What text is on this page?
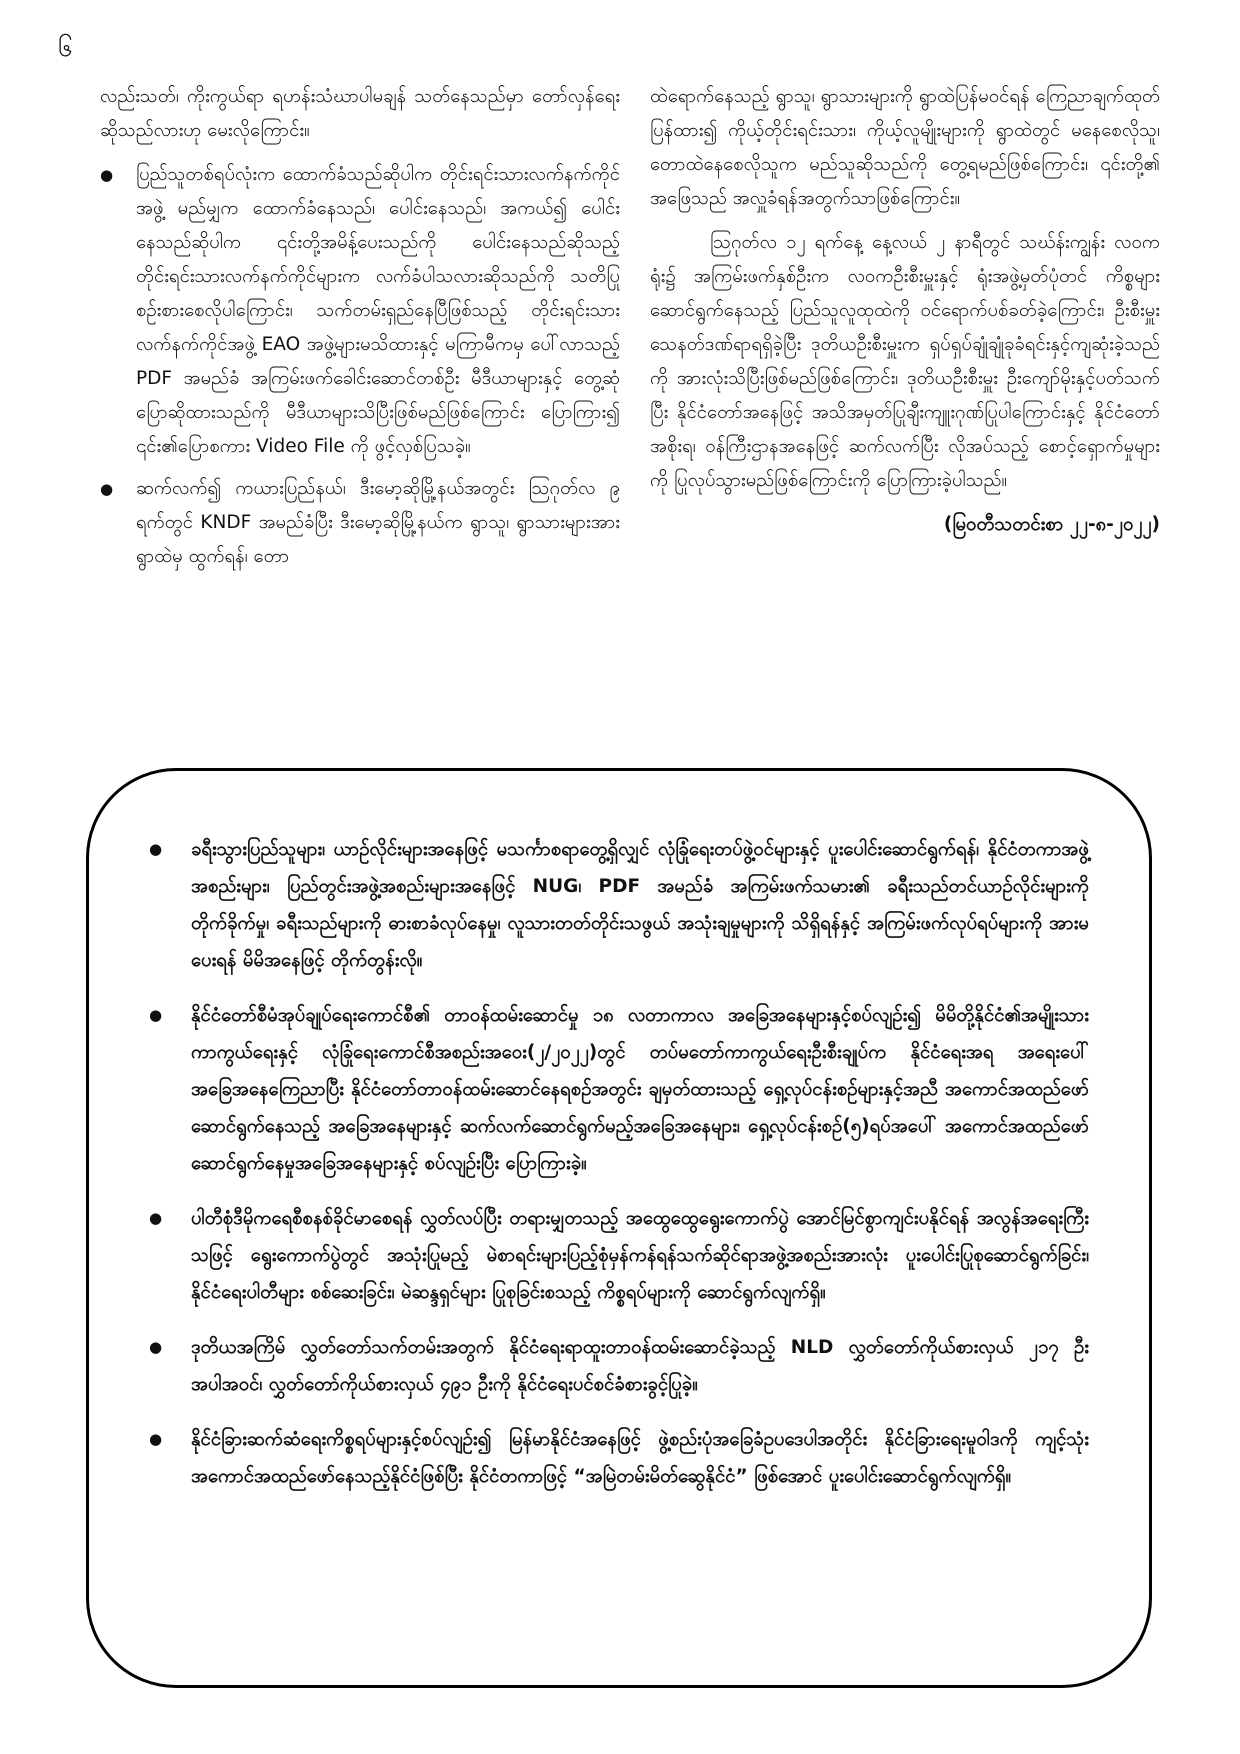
၆

လည်းသတ်၊ ကိုးကွယ်ရာ ရဟန်းသံဃာပါမချန် သတ်နေသည်မှာ တော်လှန်ရေးဆိုသည်လားဟု မေးလိုကြောင်း။

● ပြည်သူတစ်ရပ်လုံးက ထောက်ခံသည်ဆိုပါက တိုင်းရင်းသားလက်နက်ကိုင်အဖွဲ့ မည်မျှက ထောက်ခံနေသည်၊ ပေါင်းနေသည်၊ အကယ်၍ ပေါင်းနေသည်ဆိုပါက ၎င်းတို့အမိန့်ပေးသည်ကို ပေါင်းနေသည်ဆိုသည့် တိုင်းရင်းသားလက်နက်ကိုင်များက လက်ခံပါသလားဆိုသည်ကို သတိပြုစဉ်းစားစေလိုပါကြောင်း၊ သက်တမ်းရှည်နေပြီဖြစ်သည့် တိုင်းရင်းသားလက်နက်ကိုင်အဖွဲ့ EAO အဖွဲ့များမသိထားနှင့် မကြာမီကမှ ပေါ်လာသည့် PDF အမည်ခံ အကြမ်းဖက်ခေါင်းဆောင်တစ်ဦး မီဒီယာများနှင့် တွေ့ဆုံပြောဆိုထားသည်ကို မီဒီယာများသိပြီးဖြစ်မည်ဖြစ်ကြောင်း ပြောကြား၍ ၎င်း၏ပြောစကား Video File ကို ဖွင့်လှစ်ပြသခဲ့။
● ဆက်လက်၍ ကယားပြည်နယ်၊ ဒီးမော့ဆိုမြို့နယ်အတွင်း ဩဂုတ်လ ၉ ရက်တွင် KNDF အမည်ခံပြီး ဒီးမော့ဆိုမြို့နယ်က ရွာသူ၊ ရွာသားများအား ရွာထဲမှ ထွက်ရန်၊ တော

ထဲရောက်နေသည့် ရွာသူ၊ ရွာသားများကို ရွာထဲပြန်မဝင်ရန် ကြေညာချက်ထုတ်ပြန်ထား၍ ကိုယ့်တိုင်းရင်းသား၊ ကိုယ့်လူမျိုးများကို ရွာထဲတွင် မနေစေလိုသူ၊ တောထဲနေစေလိုသူက မည်သူဆိုသည်ကို တွေ့ရမည်ဖြစ်ကြောင်း၊ ၎င်းတို့၏ အဖြေသည် အလှူခံရန်အတွက်သာဖြစ်ကြောင်း။

ဩဂုတ်လ ၁၂ ရက်နေ့ နေ့လယ် ၂ နာရီတွင် သဃ်န်းကျွန်း လဝကရုံး၌ အကြမ်းဖက်နှစ်ဦးက လဝကဦးစီးမှူးနှင့် ရုံးအဖွဲ့မှတ်ပုံတင် ကိစ္စများဆောင်ရွက်နေသည့် ပြည်သူလူထုထဲကို ဝင်ရောက်ပစ်ခတ်ခဲ့ကြောင်း၊ ဦးစီးမှူး သေနတ်ဒဏ်ရာရရှိခဲ့ပြီး ဒုတိယဦးစီးမှူးက ရှပ်ရှပ်ချုံချုံခုခံရင်းနှင့်ကျဆုံးခဲ့သည်ကို အားလုံးသိပြီးဖြစ်မည်ဖြစ်ကြောင်း၊ ဒုတိယဦးစီးမှူး ဦးကျော်မိုးနှင့်ပတ်သက်ပြီး နိုင်ငံတော်အနေဖြင့် အသိအမှတ်ပြုချီးကျူးဂုဏ်ပြုပါကြောင်းနှင့် နိုင်ငံတော်အစိုးရ၊ ဝန်ကြီးဌာနအနေဖြင့် ဆက်လက်ပြီး လိုအပ်သည့် စောင့်ရှောက်မှုများကို ပြုလုပ်သွားမည်ဖြစ်ကြောင်းကို ပြောကြားခဲ့ပါသည်။

(မြဝတီသတင်းစာ ၂၂-၈-၂၀၂၂)

● ခရီးသွားပြည်သူများ၊ ယာဉ်လိုင်းများအနေဖြင့် မသင်္ကာစရာတွေ့ရှိလျှင် လုံခြုံရေးတပ်ဖွဲ့ဝင်များနှင့် ပူးပေါင်းဆောင်ရွက်ရန်၊ နိုင်ငံတကာအဖွဲ့အစည်းများ၊ ပြည်တွင်းအဖွဲ့အစည်းများအနေဖြင့် NUG၊ PDF အမည်ခံ အကြမ်းဖက်သမား၏ ခရီးသည်တင်ယာဉ်လိုင်းများကို တိုက်ခိုက်မှု၊ ခရီးသည်များကို ဓားစာခံလုပ်နေမှု၊ လူသားတတ်တိုင်းသဖွယ် အသုံးချမှုများကို သိရှိရန်နှင့် အကြမ်းဖက်လုပ်ရပ်များကို အားမပေးရန် မိမိအနေဖြင့် တိုက်တွန်းလို။
● နိုင်ငံတော်စီမံအုပ်ချုပ်ရေးကောင်စီ၏ တာဝန်ထမ်းဆောင်မှု ၁၈ လတာကာလ အခြေအနေများနှင့်စပ်လျဉ်း၍ မိမိတို့နိုင်ငံ၏အမျိုးသားကာကွယ်ရေးနှင့် လုံခြုံရေးကောင်စီအစည်းအဝေး(၂/၂၀၂၂)တွင် တပ်မတော်ကာကွယ်ရေးဦးစီးချုပ်က နိုင်ငံရေးအရ အရေးပေါ်အခြေအနေကြေညာပြီး နိုင်ငံတော်တာဝန်ထမ်းဆောင်နေရစဉ်အတွင်း ချမှတ်ထားသည့် ရှေ့လုပ်ငန်းစဉ်များနှင့်အညီ အကောင်အထည်ဖော်ဆောင်ရွက်နေသည့် အခြေအနေများနှင့် ဆက်လက်ဆောင်ရွက်မည့်အခြေအနေများ၊ ရှေ့လုပ်ငန်းစဉ်(၅)ရပ်အပေါ် အကောင်အထည်ဖော် ဆောင်ရွက်နေမှုအခြေအနေများနှင့် စပ်လျဉ်းပြီး ပြောကြားခဲ့။
● ပါတီစုံဒီမိုကရေစီစနစ်ခိုင်မာစေရန် လွှတ်လပ်ပြီး တရားမျှတသည့် အထွေထွေရွေးကောက်ပွဲ အောင်မြင်စွာကျင်းပနိုင်ရန် အလွန်အရေးကြီးသဖြင့် ရွေးကောက်ပွဲတွင် အသုံးပြုမည့် မဲစာရင်းများပြည့်စုံမှန်ကန်ရန်သက်ဆိုင်ရာအဖွဲ့အစည်းအားလုံး ပူးပေါင်းပြုစုဆောင်ရွက်ခြင်း၊ နိုင်ငံရေးပါတီများ စစ်ဆေးခြင်း၊ မဲဆန္ဒရှင်များ ပြုစုခြင်းစသည့် ကိစ္စရပ်များကို ဆောင်ရွက်လျက်ရှိ။
● ဒုတိယအကြိမ် လွှတ်တော်သက်တမ်းအတွက် နိုင်ငံရေးရာထူးတာဝန်ထမ်းဆောင်ခဲ့သည့် NLD လွှတ်တော်ကိုယ်စားလှယ် ၂၁၇ ဦး အပါအဝင်၊ လွှတ်တော်ကိုယ်စားလှယ် ၄၉၁ ဦးကို နိုင်ငံရေးပင်စင်ခံစားခွင့်ပြုခဲ့။
● နိုင်ငံခြားဆက်ဆံရေးကိစ္စရပ်များနှင့်စပ်လျဉ်း၍ မြန်မာနိုင်ငံအနေဖြင့် ဖွဲ့စည်းပုံအခြေခံဥပဒေပါအတိုင်း နိုင်ငံခြားရေးမူဝါဒကို ကျင့်သုံးအကောင်အထည်ဖော်နေသည့်နိုင်ငံဖြစ်ပြီး နိုင်ငံတကာဖြင့် “အမြဲတမ်းမိတ်ဆွေနိုင်ငံ” ဖြစ်အောင် ပူးပေါင်းဆောင်ရွက်လျက်ရှိ။
